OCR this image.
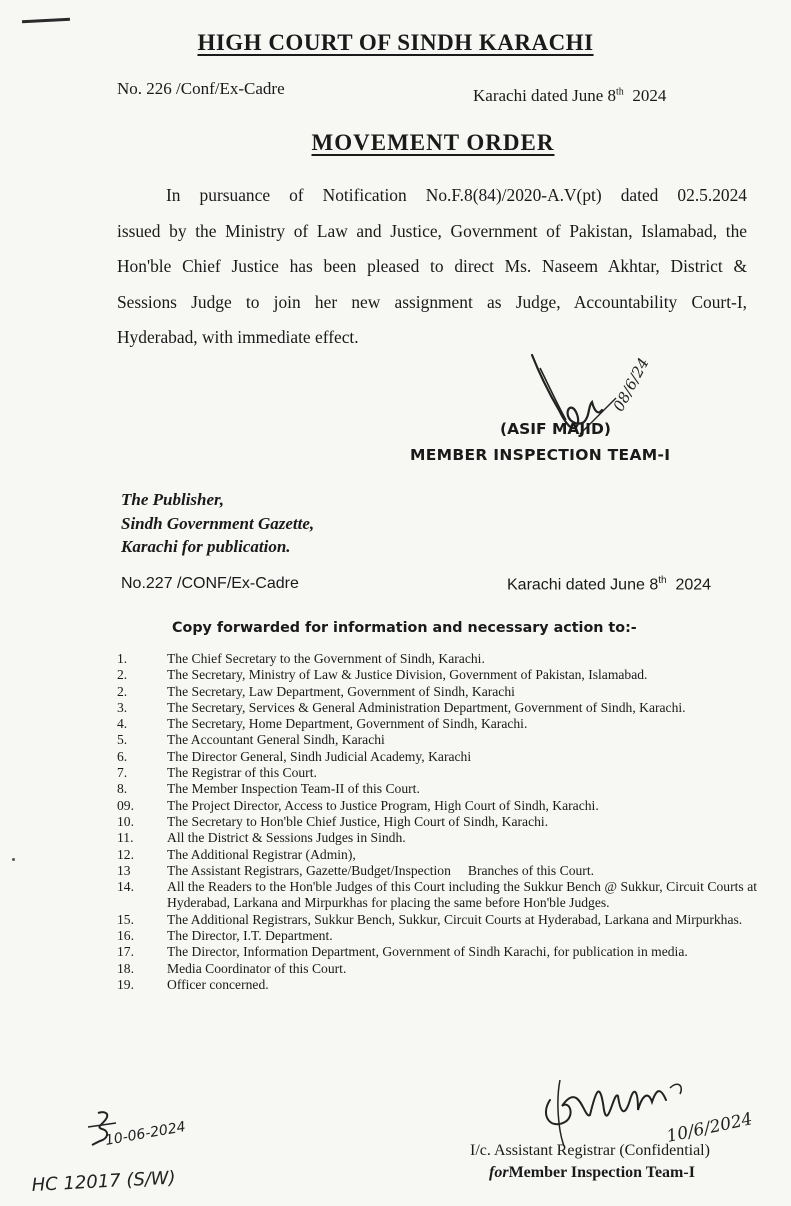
HIGH COURT OF SINDH KARACHI
No. 226 /Conf/Ex-Cadre	Karachi dated June 8th 2024
MOVEMENT ORDER
In pursuance of Notification No.F.8(84)/2020-A.V(pt) dated 02.5.2024
issued by the Ministry of Law and Justice, Government of Pakistan, Islamabad, the
Hon'ble Chief Justice has been pleased to direct Ms. Naseem Akhtar, District &
Sessions Judge to join her new assignment as Judge, Accountability Court-I,
Hyderabad, with immediate effect.
08/6/24
(ASIF MAJID)
MEMBER INSPECTION TEAM-I
The Publisher,
Sindh Government Gazette,
Karachi for publication.
No.227 /CONF/Ex-Cadre	Karachi dated June 8th 2024
Copy forwarded for information and necessary action to:-
1.	The Chief Secretary to the Government of Sindh, Karachi.
2.	The Secretary, Ministry of Law & Justice Division, Government of Pakistan, Islamabad.
2.	The Secretary, Law Department, Government of Sindh, Karachi
3.	The Secretary, Services & General Administration Department, Government of Sindh, Karachi.
4.	The Secretary, Home Department, Government of Sindh, Karachi.
5.	The Accountant General Sindh, Karachi
6.	The Director General, Sindh Judicial Academy, Karachi
7.	The Registrar of this Court.
8.	The Member Inspection Team-II of this Court.
09.	The Project Director, Access to Justice Program, High Court of Sindh, Karachi.
10.	The Secretary to Hon'ble Chief Justice, High Court of Sindh, Karachi.
11.	All the District & Sessions Judges in Sindh.
12.	The Additional Registrar (Admin),
13	The Assistant Registrars, Gazette/Budget/Inspection     Branches of this Court.
14.	All the Readers to the Hon'ble Judges of this Court including the Sukkur Bench @ Sukkur, Circuit Courts at Hyderabad, Larkana and Mirpurkhas for placing the same before Hon'ble Judges.
15.	The Additional Registrars, Sukkur Bench, Sukkur, Circuit Courts at Hyderabad, Larkana and Mirpurkhas.
16.	The Director, I.T. Department.
17.	The Director, Information Department, Government of Sindh Karachi, for publication in media.
18.	Media Coordinator of this Court.
19.	Officer concerned.
10/6/2024
I/c. Assistant Registrar (Confidential)
forMember Inspection Team-I
10-06-2024
HC 12017 (S/W)
